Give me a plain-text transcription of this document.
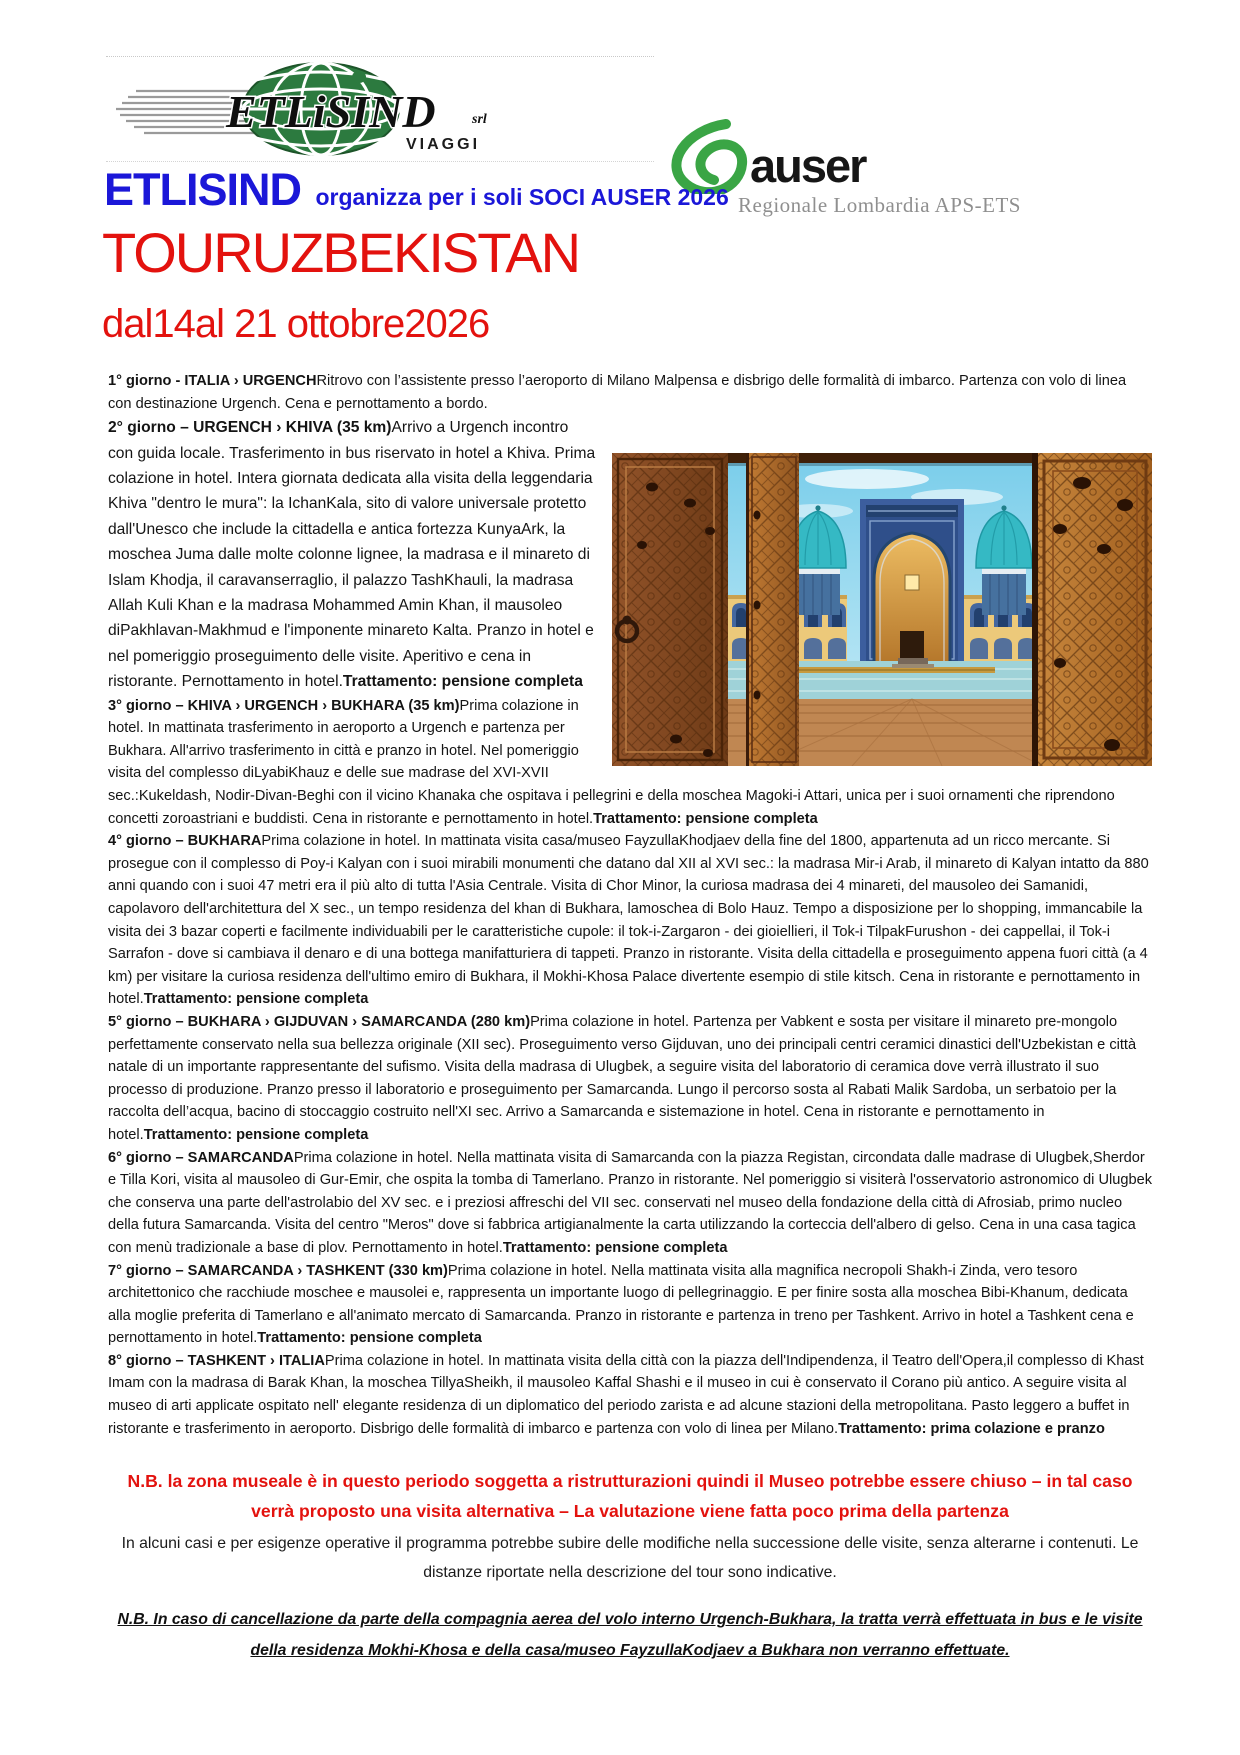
ETLiSIND	srl
VIAGGI	auser
Regionale Lombardia APS-ETS
ETLISIND organizza per i soli SOCI AUSER 2026
TOURUZBEKISTAN
dal14al 21 ottobre2026

1° giorno - ITALIA › URGENCHRitrovo con l’assistente presso l’aeroporto di Milano Malpensa e disbrigo delle formalità di imbarco. Partenza con volo di linea con destinazione Urgench. Cena e pernottamento a bordo.

2° giorno – URGENCH › KHIVA (35 km)Arrivo a Urgench incontro con guida locale. Trasferimento in bus riservato in hotel a Khiva. Prima colazione in hotel. Intera giornata dedicata alla visita della leggendaria Khiva "dentro le mura": la IchanKala, sito di valore universale protetto dall'Unesco che include la cittadella e antica fortezza KunyaArk, la moschea Juma dalle molte colonne lignee, la madrasa e il minareto di Islam Khodja, il caravanserraglio, il palazzo TashKhauli, la madrasa Allah Kuli Khan e la madrasa Mohammed Amin Khan, il mausoleo diPakhlavan-Makhmud e l'imponente minareto Kalta. Pranzo in hotel e nel pomeriggio proseguimento delle visite. Aperitivo e cena in ristorante. Pernottamento in hotel.Trattamento: pensione completa

3° giorno – KHIVA › URGENCH › BUKHARA (35 km)Prima colazione in hotel. In mattinata trasferimento in aeroporto a Urgench e partenza per Bukhara. All'arrivo trasferimento in città e pranzo in hotel. Nel pomeriggio visita del complesso diLyabiKhauz e delle sue madrase del XVI-XVII sec.:Kukeldash, Nodir-Divan-Beghi con il vicino Khanaka che ospitava i pellegrini e della moschea Magoki-i Attari, unica per i suoi ornamenti che riprendono concetti zoroastriani e buddisti. Cena in ristorante e pernottamento in hotel.Trattamento: pensione completa

4° giorno – BUKHARAPrima colazione in hotel. In mattinata visita casa/museo FayzullaKhodjaev della fine del 1800, appartenuta ad un ricco mercante. Si prosegue con il complesso di Poy-i Kalyan con i suoi mirabili monumenti che datano dal XII al XVI sec.: la madrasa Mir-i Arab, il minareto di Kalyan intatto da 880 anni quando con i suoi 47 metri era il più alto di tutta l'Asia Centrale. Visita di Chor Minor, la curiosa madrasa dei 4 minareti, del mausoleo dei Samanidi, capolavoro dell'architettura del X sec., un tempo residenza del khan di Bukhara, lamoschea di Bolo Hauz. Tempo a disposizione per lo shopping, immancabile la visita dei 3 bazar coperti e facilmente individuabili per le caratteristiche cupole: il tok-i-Zargaron - dei gioiellieri, il Tok-i TilpakFurushon - dei cappellai, il Tok-i Sarrafon - dove si cambiava il denaro e di una bottega manifatturiera di tappeti. Pranzo in ristorante. Visita della cittadella e proseguimento appena fuori città (a 4 km) per visitare la curiosa residenza dell'ultimo emiro di Bukhara, il Mokhi-Khosa Palace divertente esempio di stile kitsch. Cena in ristorante e pernottamento in hotel.Trattamento: pensione completa

5° giorno – BUKHARA › GIJDUVAN › SAMARCANDA (280 km)Prima colazione in hotel. Partenza per Vabkent e sosta per visitare il minareto pre-mongolo perfettamente conservato nella sua bellezza originale (XII sec). Proseguimento verso Gijduvan, uno dei principali centri ceramici dinastici dell'Uzbekistan e città natale di un importante rappresentante del sufismo. Visita della madrasa di Ulugbek, a seguire visita del laboratorio di ceramica dove verrà illustrato il suo processo di produzione. Pranzo presso il laboratorio e proseguimento per Samarcanda. Lungo il percorso sosta al Rabati Malik Sardoba, un serbatoio per la raccolta dell’acqua, bacino di stoccaggio costruito nell'XI sec. Arrivo a Samarcanda e sistemazione in hotel. Cena in ristorante e pernottamento in hotel.Trattamento: pensione completa

6° giorno – SAMARCANDAPrima colazione in hotel. Nella mattinata visita di Samarcanda con la piazza Registan, circondata dalle madrase di Ulugbek,Sherdor e Tilla Kori, visita al mausoleo di Gur-Emir, che ospita la tomba di Tamerlano. Pranzo in ristorante. Nel pomeriggio si visiterà l'osservatorio astronomico di Ulugbek che conserva una parte dell'astrolabio del XV sec. e i preziosi affreschi del VII sec. conservati nel museo della fondazione della città di Afrosiab, primo nucleo della futura Samarcanda. Visita del centro "Meros" dove si fabbrica artigianalmente la carta utilizzando la corteccia dell'albero di gelso. Cena in una casa tagica con menù tradizionale a base di plov. Pernottamento in hotel.Trattamento: pensione completa

7° giorno – SAMARCANDA › TASHKENT (330 km)Prima colazione in hotel. Nella mattinata visita alla magnifica necropoli Shakh-i Zinda, vero tesoro architettonico che racchiude moschee e mausolei e, rappresenta un importante luogo di pellegrinaggio. E per finire sosta alla moschea Bibi-Khanum, dedicata alla moglie preferita di Tamerlano e all'animato mercato di Samarcanda. Pranzo in ristorante e partenza in treno per Tashkent. Arrivo in hotel a Tashkent cena e pernottamento in hotel.Trattamento: pensione completa

8° giorno – TASHKENT › ITALIAPrima colazione in hotel. In mattinata visita della città con la piazza dell'Indipendenza, il Teatro dell'Opera,il complesso di Khast Imam con la madrasa di Barak Khan, la moschea TillyaSheikh, il mausoleo Kaffal Shashi e il museo in cui è conservato il Corano più antico. A seguire visita al museo di arti applicate ospitato nell' elegante residenza di un diplomatico del periodo zarista e ad alcune stazioni della metropolitana. Pasto leggero a buffet in ristorante e trasferimento in aeroporto. Disbrigo delle formalità di imbarco e partenza con volo di linea per Milano.Trattamento: prima colazione e pranzo

N.B. la zona museale è in questo periodo soggetta a ristrutturazioni quindi il Museo potrebbe essere chiuso – in tal caso verrà proposto una visita alternativa – La valutazione viene fatta poco prima della partenza

In alcuni casi e per esigenze operative il programma potrebbe subire delle modifiche nella successione delle visite, senza alterarne i contenuti. Le distanze riportate nella descrizione del tour sono indicative.

N.B. In caso di cancellazione da parte della compagnia aerea del volo interno Urgench-Bukhara, la tratta verrà effettuata in bus e le visite della residenza Mokhi-Khosa e della casa/museo FayzullaKodjaev a Bukhara non verranno effettuate.
